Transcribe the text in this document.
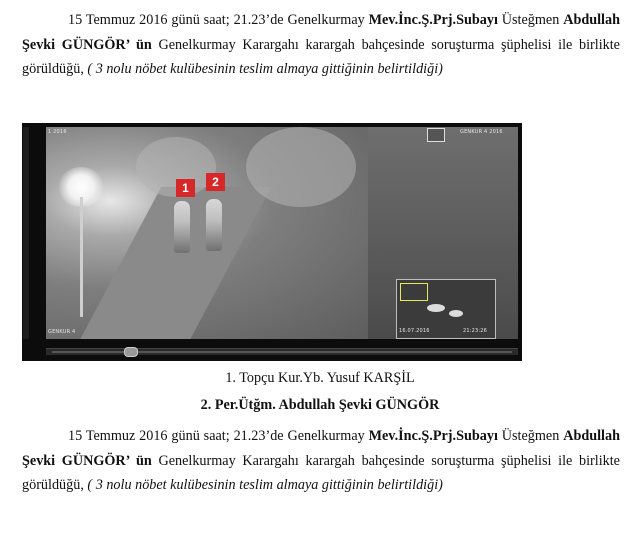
15 Temmuz 2016 günü saat; 21.23’de Genelkurmay Mev.İnc.Ş.Prj.Subayı Üsteğmen Abdullah Şevki GÜNGÖR’ ün Genelkurmay Karargahı karargah bahçesinde soruşturma şüphelisi ile birlikte görüldüğü, ( 3 nolu nöbet kulübesinin teslim almaya gittiğinin belirtildiği)
1	2
1 2016
GENKUR 4
GENKUR 4 2016
16.07.2016	21:23:26
1. Topçu Kur.Yb. Yusuf KARŞİL
2. Per.Ütğm. Abdullah Şevki GÜNGÖR
15 Temmuz 2016 günü saat; 21.23’de Genelkurmay Mev.İnc.Ş.Prj.Subayı Üsteğmen Abdullah Şevki GÜNGÖR’ ün Genelkurmay Karargahı karargah bahçesinde soruşturma şüphelisi ile birlikte görüldüğü, ( 3 nolu nöbet kulübesinin teslim almaya gittiğinin belirtildiği)
